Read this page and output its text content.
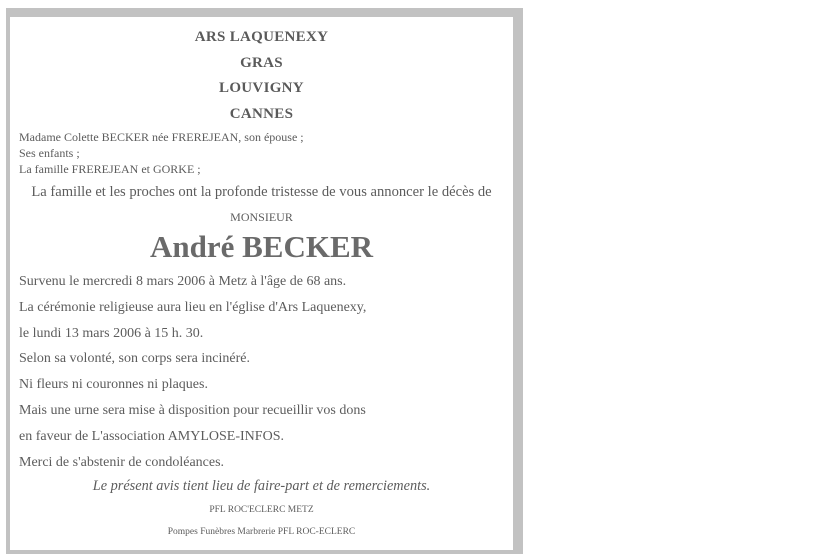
ARS LAQUENEXY
GRAS
LOUVIGNY
CANNES
Madame Colette BECKER née FREREJEAN, son épouse ;
Ses enfants ;
La famille FREREJEAN et GORKE ;
La famille et les proches ont la profonde tristesse de vous annoncer le décès de
MONSIEUR
André BECKER
Survenu le mercredi 8 mars 2006 à Metz à l'âge de 68 ans.
La cérémonie religieuse aura lieu en l'église d'Ars Laquenexy,
le lundi 13 mars 2006 à 15 h. 30.
Selon sa volonté, son corps sera incinéré.
Ni fleurs ni couronnes ni plaques.
Mais une urne sera mise à disposition pour recueillir vos dons
en faveur de L'association AMYLOSE-INFOS.
Merci de s'abstenir de condoléances.
Le présent avis tient lieu de faire-part et de remerciements.
PFL ROC'ECLERC METZ
Pompes Funèbres Marbrerie PFL ROC-ECLERC
